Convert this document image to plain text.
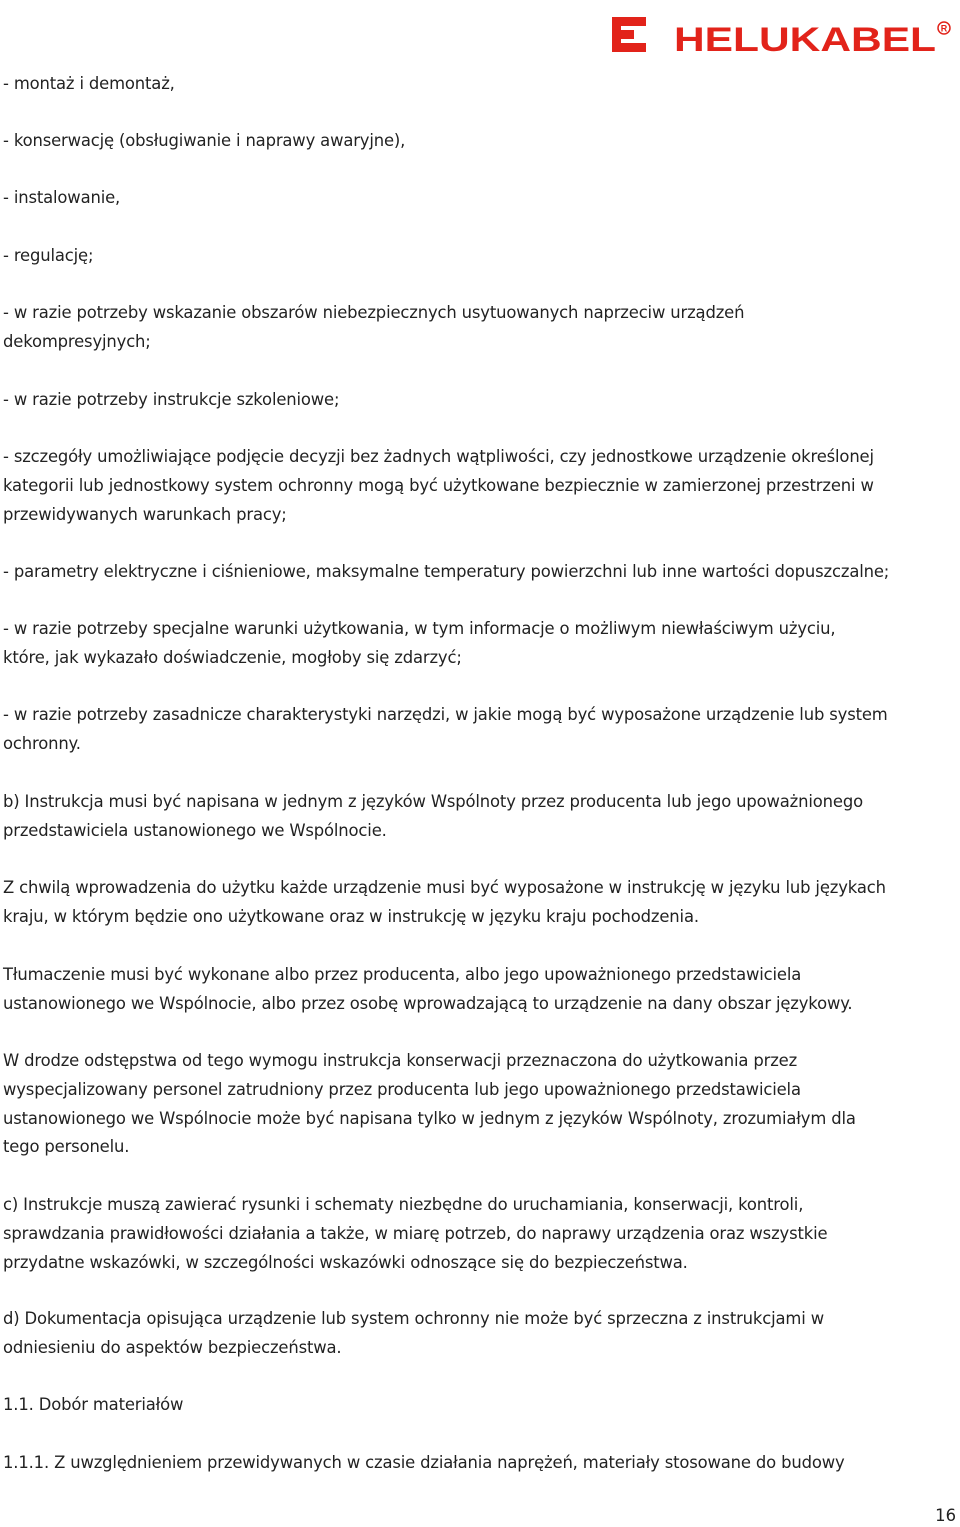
HELUKABEL R
- montaż i demontaż,
- konserwację (obsługiwanie i naprawy awaryjne),
- instalowanie,
- regulację;
- w razie potrzeby wskazanie obszarów niebezpiecznych usytuowanych naprzeciw urządzeń
dekompresyjnych;
- w razie potrzeby instrukcje szkoleniowe;
- szczegóły umożliwiające podjęcie decyzji bez żadnych wątpliwości, czy jednostkowe urządzenie określonej
kategorii lub jednostkowy system ochronny mogą być użytkowane bezpiecznie w zamierzonej przestrzeni w
przewidywanych warunkach pracy;
- parametry elektryczne i ciśnieniowe, maksymalne temperatury powierzchni lub inne wartości dopuszczalne;
- w razie potrzeby specjalne warunki użytkowania, w tym informacje o możliwym niewłaściwym użyciu,
które, jak wykazało doświadczenie, mogłoby się zdarzyć;
- w razie potrzeby zasadnicze charakterystyki narzędzi, w jakie mogą być wyposażone urządzenie lub system
ochronny.
b) Instrukcja musi być napisana w jednym z języków Wspólnoty przez producenta lub jego upoważnionego
przedstawiciela ustanowionego we Wspólnocie.
Z chwilą wprowadzenia do użytku każde urządzenie musi być wyposażone w instrukcję w języku lub językach
kraju, w którym będzie ono użytkowane oraz w instrukcję w języku kraju pochodzenia.
Tłumaczenie musi być wykonane albo przez producenta, albo jego upoważnionego przedstawiciela
ustanowionego we Wspólnocie, albo przez osobę wprowadzającą to urządzenie na dany obszar językowy.
W drodze odstępstwa od tego wymogu instrukcja konserwacji przeznaczona do użytkowania przez
wyspecjalizowany personel zatrudniony przez producenta lub jego upoważnionego przedstawiciela
ustanowionego we Wspólnocie może być napisana tylko w jednym z języków Wspólnoty, zrozumiałym dla
tego personelu.
c) Instrukcje muszą zawierać rysunki i schematy niezbędne do uruchamiania, konserwacji, kontroli,
sprawdzania prawidłowości działania a także, w miarę potrzeb, do naprawy urządzenia oraz wszystkie
przydatne wskazówki, w szczególności wskazówki odnoszące się do bezpieczeństwa.
d) Dokumentacja opisująca urządzenie lub system ochronny nie może być sprzeczna z instrukcjami w
odniesieniu do aspektów bezpieczeństwa.
1.1. Dobór materiałów
1.1.1. Z uwzględnieniem przewidywanych w czasie działania naprężeń, materiały stosowane do budowy
16
